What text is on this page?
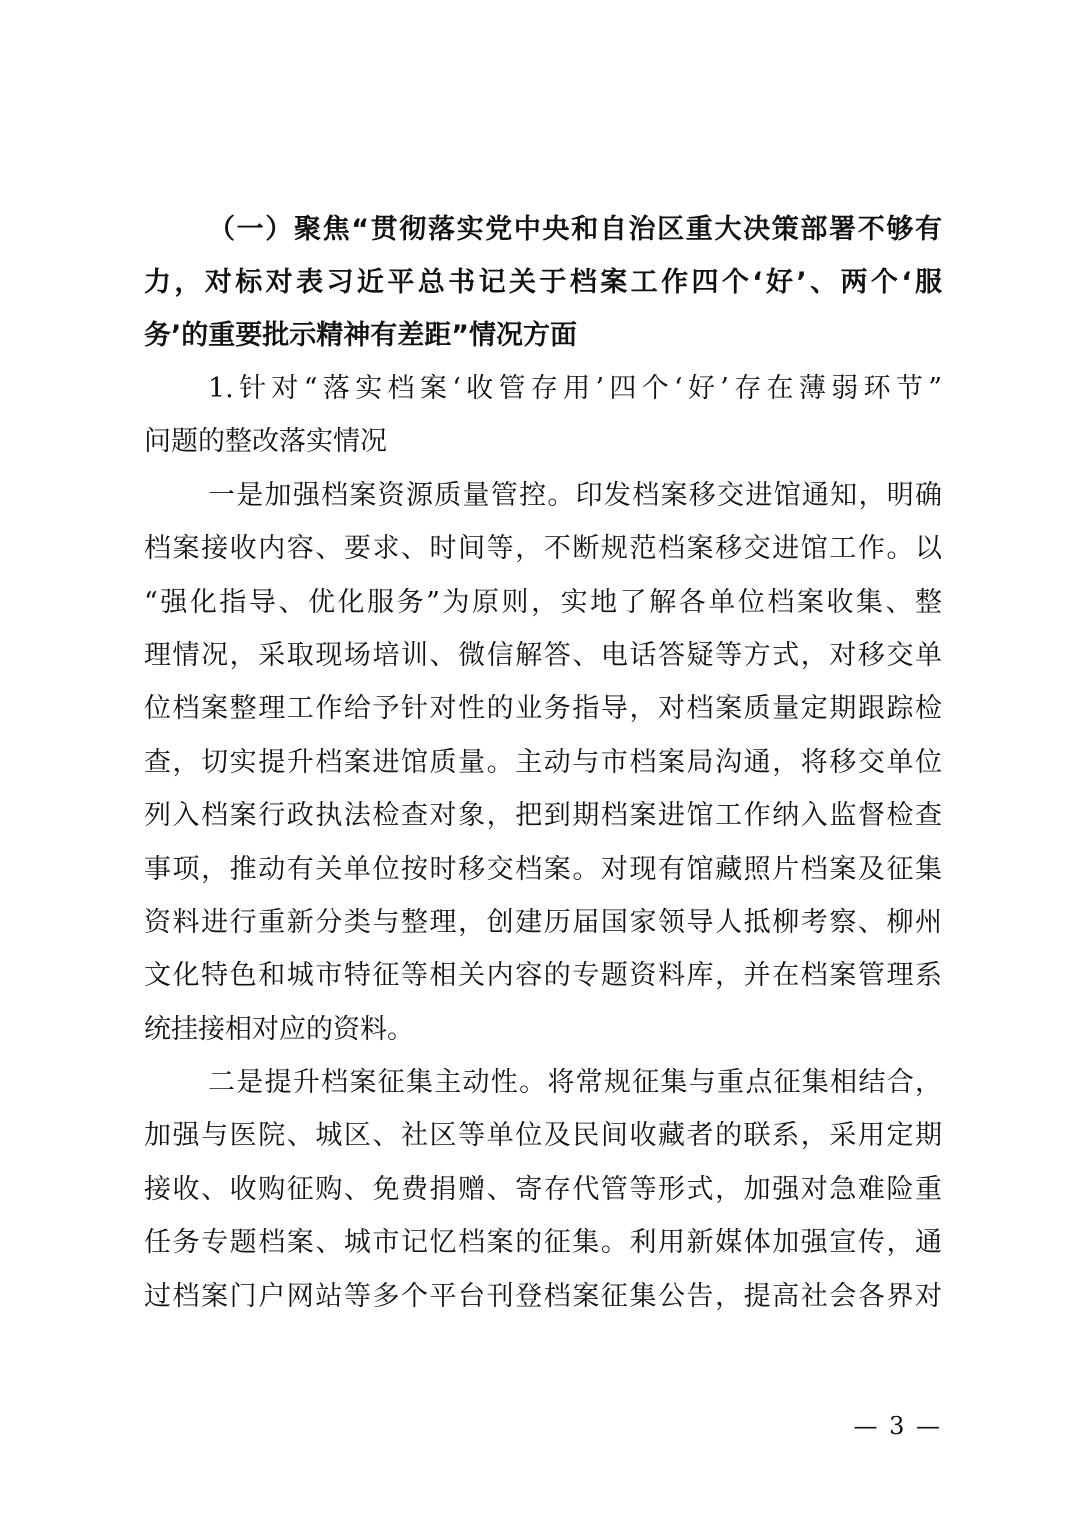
（一）聚焦“贯彻落实党中央和自治区重大决策部署不够有
力，对标对表习近平总书记关于档案工作四个‘好’、两个‘服
务’的重要批示精神有差距”情况方面
1.针对“落实档案‘收管存用’四个‘好’存在薄弱环节”
问题的整改落实情况
一是加强档案资源质量管控。印发档案移交进馆通知，明确
档案接收内容、要求、时间等，不断规范档案移交进馆工作。以
“强化指导、优化服务”为原则，实地了解各单位档案收集、整
理情况，采取现场培训、微信解答、电话答疑等方式，对移交单
位档案整理工作给予针对性的业务指导，对档案质量定期跟踪检
查，切实提升档案进馆质量。主动与市档案局沟通，将移交单位
列入档案行政执法检查对象，把到期档案进馆工作纳入监督检查
事项，推动有关单位按时移交档案。对现有馆藏照片档案及征集
资料进行重新分类与整理，创建历届国家领导人抵柳考察、柳州
文化特色和城市特征等相关内容的专题资料库，并在档案管理系
统挂接相对应的资料。
二是提升档案征集主动性。将常规征集与重点征集相结合，
加强与医院、城区、社区等单位及民间收藏者的联系，采用定期
接收、收购征购、免费捐赠、寄存代管等形式，加强对急难险重
任务专题档案、城市记忆档案的征集。利用新媒体加强宣传，通
过档案门户网站等多个平台刊登档案征集公告，提高社会各界对
— 3 —
